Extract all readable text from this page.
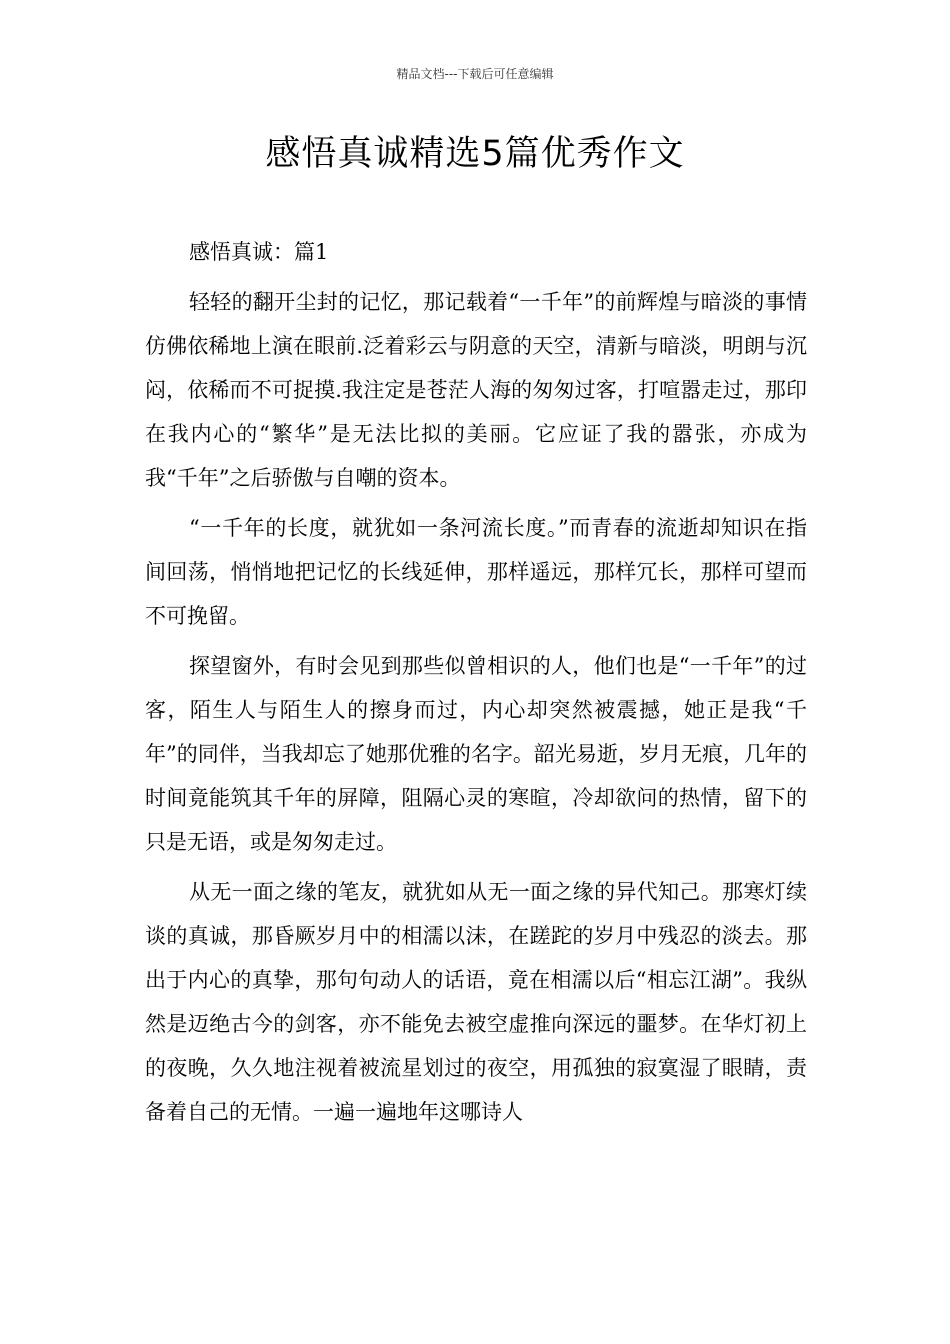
精品文档---下载后可任意编辑
感悟真诚精选5篇优秀作文

感悟真诚：篇1

轻轻的翻开尘封的记忆，那记载着“一千年”的前辉煌与暗淡的事情仿佛依稀地上演在眼前.泛着彩云与阴意的天空，清新与暗淡，明朗与沉闷，依稀而不可捉摸.我注定是苍茫人海的匆匆过客，打喧嚣走过，那印在我内心的“繁华”是无法比拟的美丽。它应证了我的嚣张，亦成为我“千年”之后骄傲与自嘲的资本。

“一千年的长度，就犹如一条河流长度。”而青春的流逝却知识在指间回荡，悄悄地把记忆的长线延伸，那样遥远，那样冗长，那样可望而不可挽留。

探望窗外，有时会见到那些似曾相识的人，他们也是“一千年”的过客，陌生人与陌生人的擦身而过，内心却突然被震撼，她正是我“千年”的同伴，当我却忘了她那优雅的名字。韶光易逝，岁月无痕，几年的时间竟能筑其千年的屏障，阻隔心灵的寒暄，冷却欲问的热情，留下的只是无语，或是匆匆走过。

从无一面之缘的笔友，就犹如从无一面之缘的异代知己。那寒灯续谈的真诚，那昏厥岁月中的相濡以沫，在蹉跎的岁月中残忍的淡去。那出于内心的真挚，那句句动人的话语，竟在相濡以后“相忘江湖”。我纵然是迈绝古今的剑客，亦不能免去被空虚推向深远的噩梦。在华灯初上的夜晚，久久地注视着被流星划过的夜空，用孤独的寂寞湿了眼睛，责备着自己的无情。一遍一遍地年这哪诗人
